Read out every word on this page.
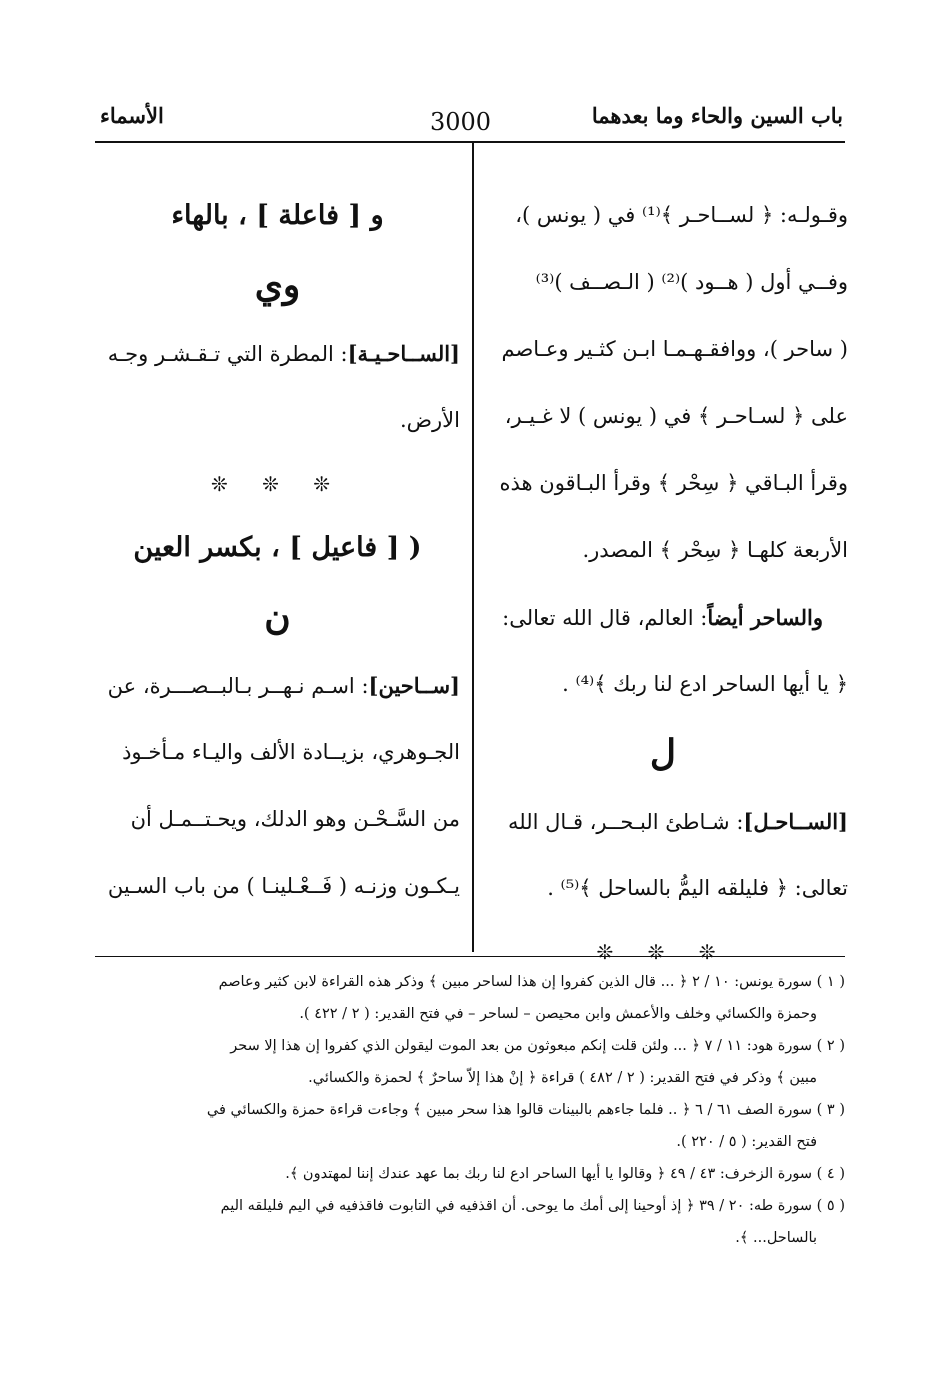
الأسماء	3000	باب السين والحاء وما بعدهما
وقـولـه: ﴿ لســاحـر ﴾⁽¹⁾ في ( يونس )،
وفــي أول ( هــود )⁽²⁾ ( الـصــف )⁽³⁾
( ساحر )، ووافقـهـمـا ابـن كثـير وعـاصم
على ﴿ لسـاحـر ﴾ في ( يونس ) لا غـيـر،
وقرأ البـاقي ﴿ سِحْر ﴾ وقرأ البـاقون هذه
الأربعة كلهـا ﴿ سِحْر ﴾ المصدر.
والساحر أيضاً: العالم، قال الله تعالى:
﴿ يا أيها الساحر ادع لنا ربك ﴾⁽⁴⁾ .
ل
[الســاحـل]: شـاطئ البـحــر، قـال الله
تعالى: ﴿ فليلقه اليمُّ بالساحل ﴾⁽⁵⁾ .
❊ ❊ ❊
و [ فاعلة ] ، بالهاء
وي
[الســاحـيـة]: المطرة التي تـقـشـر وجـه
الأرض.
❊ ❊ ❊
( [ فاعيل ] ، بكسر العين
ن
[ســاحين]: اسـم نـهــر بـالبــصـــرة، عن
الجـوهري، بزيــادة الألف واليـاء مـأخـوذ
من السَّـحْـن وهو الدلك، ويحـتــمـل أن
يـكـون وزنـه ( فَــعْـلينـا ) من باب السـين
( ١ ) سورة يونس: ١٠ / ٢ ﴿ ... قال الذين كفروا إن هذا لساحر مبين ﴾ وذكر هذه القراءة لابن كثير وعاصم
وحمزة والكسائي وخلف والأعمش وابن محيصن – لساحر – في فتح القدير: ( ٢ / ٤٢٢ ).
( ٢ ) سورة هود: ١١ / ٧ ﴿ ... ولئن قلت إنكم مبعوثون من بعد الموت ليقولن الذي كفروا إن هذا إلا سحر
مبين ﴾ وذكر في فتح القدير: ( ٢ / ٤٨٢ ) قراءة ﴿ إنْ هذا إلاّ ساحرٌ ﴾ لحمزة والكسائي.
( ٣ ) سورة الصف ٦١ / ٦ ﴿ .. فلما جاءهم بالبينات قالوا هذا سحر مبين ﴾ وجاءت قراءة حمزة والكسائي في
فتح القدير: ( ٥ / ٢٢٠ ).
( ٤ ) سورة الزخرف: ٤٣ / ٤٩ ﴿ وقالوا يا أيها الساحر ادع لنا ربك بما عهد عندك إننا لمهتدون ﴾.
( ٥ ) سورة طه: ٢٠ / ٣٩ ﴿ إذ أوحينا إلى أمك ما يوحى. أن اقذفيه في التابوت فاقذفيه في اليم فليلقه اليم
بالساحل... ﴾.
